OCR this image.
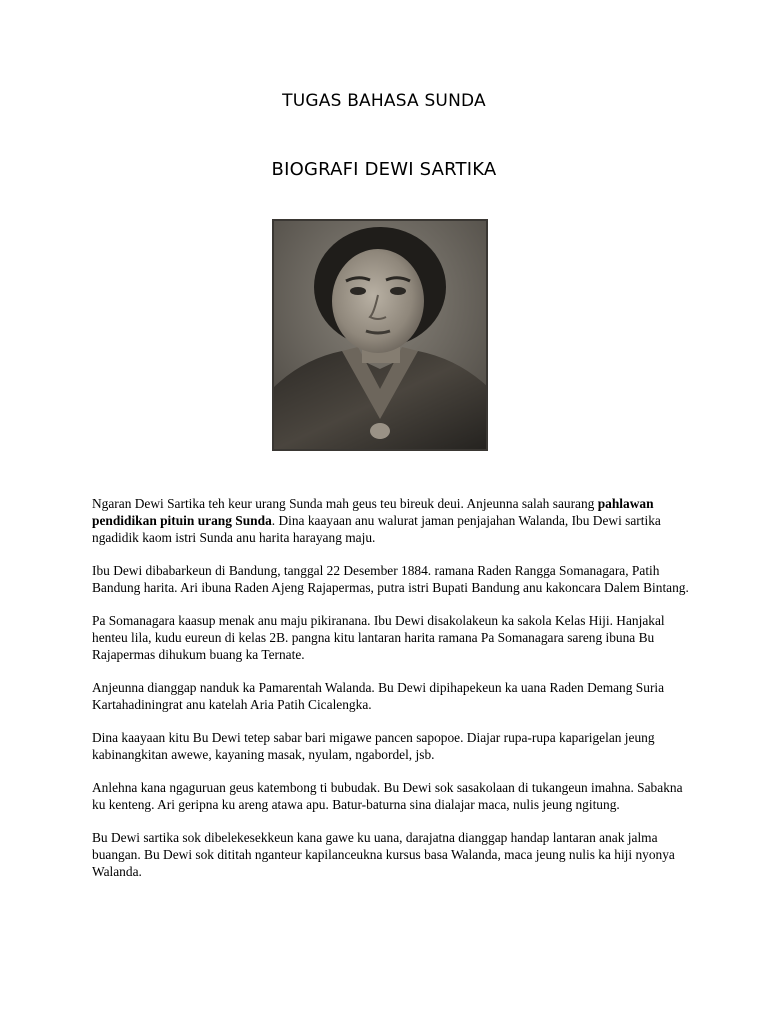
TUGAS BAHASA SUNDA
BIOGRAFI DEWI SARTIKA

Ngaran Dewi Sartika teh keur urang Sunda mah geus teu bireuk deui. Anjeunna salah saurang pahlawan pendidikan pituin urang Sunda. Dina kaayaan anu walurat jaman penjajahan Walanda, Ibu Dewi sartika ngadidik kaom istri Sunda anu harita harayang maju.

Ibu Dewi dibabarkeun di Bandung, tanggal 22 Desember 1884. ramana Raden Rangga Somanagara, Patih Bandung harita. Ari ibuna Raden Ajeng Rajapermas, putra istri Bupati Bandung anu kakoncara Dalem Bintang.

Pa Somanagara kaasup menak anu maju pikiranana. Ibu Dewi disakolakeun ka sakola Kelas Hiji. Hanjakal henteu lila, kudu eureun di kelas 2B. pangna kitu lantaran harita ramana Pa Somanagara sareng ibuna Bu Rajapermas dihukum buang ka Ternate.

Anjeunna dianggap nanduk ka Pamarentah Walanda. Bu Dewi dipihapekeun ka uana Raden Demang Suria Kartahadiningrat anu katelah Aria Patih Cicalengka.

Dina kaayaan kitu Bu Dewi tetep sabar bari migawe pancen sapopoe. Diajar rupa-rupa kaparigelan jeung kabinangkitan awewe, kayaning masak, nyulam, ngabordel, jsb.

Anlehna kana ngaguruan geus katembong ti bubudak. Bu Dewi sok sasakolaan di tukangeun imahna. Sabakna ku kenteng. Ari geripna ku areng atawa apu. Batur-baturna sina dialajar maca, nulis jeung ngitung.

Bu Dewi sartika sok dibelekesekkeun kana gawe ku uana, darajatna dianggap handap lantaran anak jalma buangan. Bu Dewi sok dititah nganteur kapilanceukna kursus basa Walanda, maca jeung nulis ka hiji nyonya Walanda.
